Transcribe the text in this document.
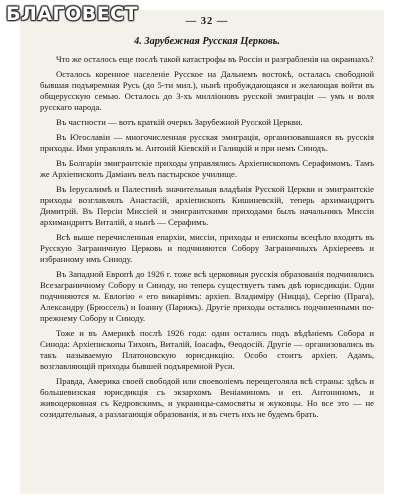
БЛАГОВЕСТ	— 32 —
4. Зарубежная Русская Церковь.

Что же осталось еще послѣ такой катастрофы въ Россіи и разграбленія на окраинахъ?

Осталось коренное населеніе Русское на Дальнемъ востокѣ, осталась свободной бывшая подъяремная Русь (до 5-ти мил.), нынѣ пробуждающаяся и желающая войти въ общерусскую семью. Осталось до 3-хъ милліоновъ русской эмиграціи — умъ и воля русскаго народа.

Въ частности — вотъ краткій очеркъ Зарубежной Русской Церкви.

Въ Югославіи — многочисленная русская эмиграція, организовавшаяся въ русскія приходы. Ими управлялъ м. Антоній Кіевскій и Галицкій и при немъ Синодъ.

Въ Болгаріи эмигрантскіе приходы управлялись Архіепископомъ Серафимомъ. Тамъ же Архіепископъ Даміанъ велъ пастырское училище.

Въ Іерусалимѣ и Палестинѣ значительныя владѣнія Русской Церкви и эмигрантскіе приходы возглавлялъ Анастасій, архіепископъ Кишиневскій, теперь архимандритъ Димитрій. Въ Персіи Миссіей и эмигрантскими приходами былъ начальникъ Миссіи архимандритъ Виталій, а нынѣ — Серафимъ.

Всѣ выше перечисленныя епархіи, миссіи, приходы и епископы всецѣло входятъ въ Русскую Заграничную Церковь и подчиняются Собору Заграничныхъ Архіереевъ и избранному имъ Синоду.

Въ Западной Европѣ до 1926 г. тоже всѣ церковныя русскія образованія подчинялись Всезаграничному Собору и Синоду, но теперь существуетъ тамъ двѣ юрисдикціи. Одни подчиняются м. Евлогію « его викаріямъ: архіеп. Владиміру (Ницца), Сергію (Прага), Александру (Брюссель) и Іоанну (Парижъ). Другіе приходы остались подчиненными по-прежнему Собору и Синоду.

Тоже и въ Америкѣ послѣ 1926 года: одни остались подъ вѣдѣніемъ Собора и Синода: Архіепископы Тихонъ, Виталій, Іоасафъ, Ѳеодосій. Другіе — организовались въ такъ называемую Платоновскую юрисдикцію. Особо стоитъ архіеп. Адамъ, возглавляющій приходы бывшей подъяремной Руси.

Правда, Америка своей свободой или своеволіемъ перещеголяла всѣ страны: здѣсь и большевизская юрисдикція съ экзархомъ Веніаминомъ и еп. Антониномъ, и живоцерковная съ Кедровскимъ, и украинцы-самосвяты и жуковцы. Но все это — не созидательныя, а разлагающія образованія, и въ счетъ ихъ не будемъ брать.
